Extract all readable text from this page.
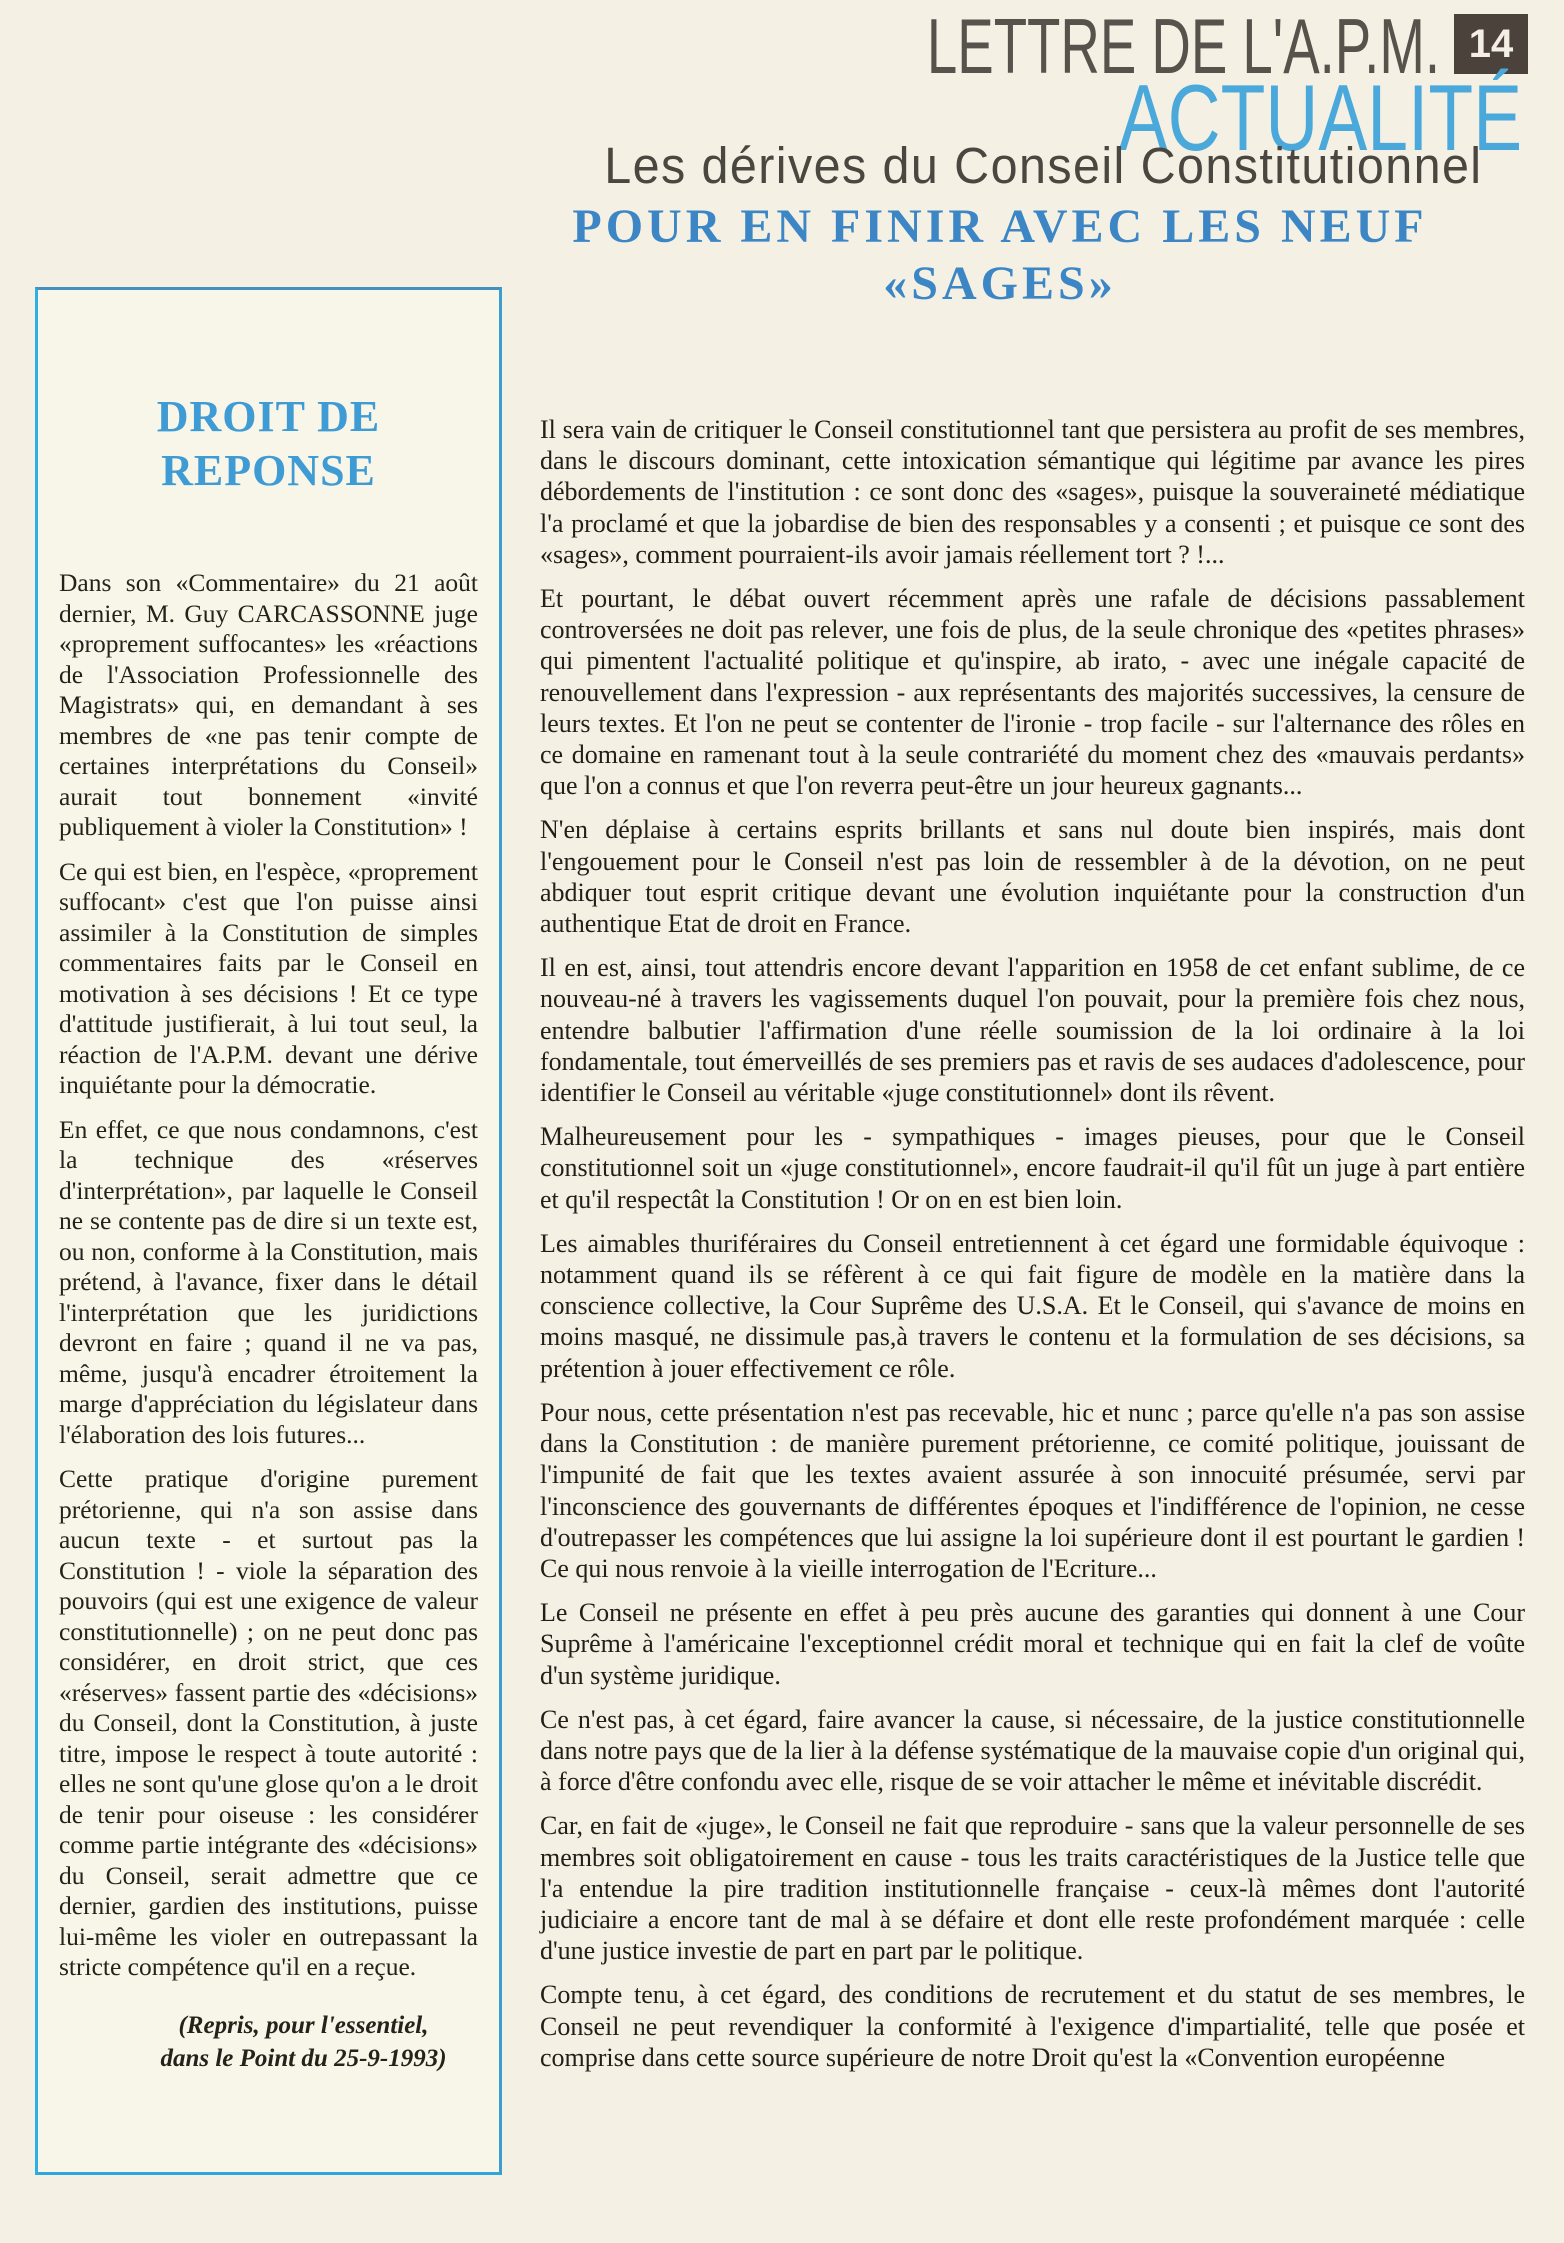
LETTRE DE L'A.P.M. 14
ACTUALITÉ
Les dérives du Conseil Constitutionnel
POUR EN FINIR AVEC LES NEUF
«SAGES»
DROIT DE
REPONSE

Dans son «Commentaire» du 21 août dernier, M. Guy CARCASSONNE juge «proprement suffocantes» les «réactions de l'Association Professionnelle des Magistrats» qui, en demandant à ses membres de «ne pas tenir compte de certaines interprétations du Conseil» aurait tout bonnement «invité publiquement à violer la Constitution» !

Ce qui est bien, en l'espèce, «proprement suffocant» c'est que l'on puisse ainsi assimiler à la Constitution de simples commentaires faits par le Conseil en motivation à ses décisions ! Et ce type d'attitude justifierait, à lui tout seul, la réaction de l'A.P.M. devant une dérive inquiétante pour la démocratie.

En effet, ce que nous condamnons, c'est la technique des «réserves d'interprétation», par laquelle le Conseil ne se contente pas de dire si un texte est, ou non, conforme à la Constitution, mais prétend, à l'avance, fixer dans le détail l'interprétation que les juridictions devront en faire ; quand il ne va pas, même, jusqu'à encadrer étroitement la marge d'appréciation du législateur dans l'élaboration des lois futures...

Cette pratique d'origine purement prétorienne, qui n'a son assise dans aucun texte - et surtout pas la Constitution ! - viole la séparation des pouvoirs (qui est une exigence de valeur constitutionnelle) ; on ne peut donc pas considérer, en droit strict, que ces «réserves» fassent partie des «décisions» du Conseil, dont la Constitution, à juste titre, impose le respect à toute autorité : elles ne sont qu'une glose qu'on a le droit de tenir pour oiseuse : les considérer comme partie intégrante des «décisions» du Conseil, serait admettre que ce dernier, gardien des institutions, puisse lui-même les violer en outrepassant la stricte compétence qu'il en a reçue.

(Repris, pour l'essentiel,
dans le Point du 25-9-1993)

Il sera vain de critiquer le Conseil constitutionnel tant que persistera au profit de ses membres, dans le discours dominant, cette intoxication sémantique qui légitime par avance les pires débordements de l'institution : ce sont donc des «sages», puisque la souveraineté médiatique l'a proclamé et que la jobardise de bien des responsables y a consenti ; et puisque ce sont des «sages», comment pourraient-ils avoir jamais réellement tort ? !...

Et pourtant, le débat ouvert récemment après une rafale de décisions passablement controversées ne doit pas relever, une fois de plus, de la seule chronique des «petites phrases» qui pimentent l'actualité politique et qu'inspire, ab irato, - avec une inégale capacité de renouvellement dans l'expression - aux représentants des majorités successives, la censure de leurs textes. Et l'on ne peut se contenter de l'ironie - trop facile - sur l'alternance des rôles en ce domaine en ramenant tout à la seule contrariété du moment chez des «mauvais perdants» que l'on a connus et que l'on reverra peut-être un jour heureux gagnants...

N'en déplaise à certains esprits brillants et sans nul doute bien inspirés, mais dont l'engouement pour le Conseil n'est pas loin de ressembler à de la dévotion, on ne peut abdiquer tout esprit critique devant une évolution inquiétante pour la construction d'un authentique Etat de droit en France.

Il en est, ainsi, tout attendris encore devant l'apparition en 1958 de cet enfant sublime, de ce nouveau-né à travers les vagissements duquel l'on pouvait, pour la première fois chez nous, entendre balbutier l'affirmation d'une réelle soumission de la loi ordinaire à la loi fondamentale, tout émerveillés de ses premiers pas et ravis de ses audaces d'adolescence, pour identifier le Conseil au véritable «juge constitutionnel» dont ils rêvent.

Malheureusement pour les - sympathiques - images pieuses, pour que le Conseil constitutionnel soit un «juge constitutionnel», encore faudrait-il qu'il fût un juge à part entière et qu'il respectât la Constitution ! Or on en est bien loin.

Les aimables thuriféraires du Conseil entretiennent à cet égard une formidable équivoque : notamment quand ils se réfèrent à ce qui fait figure de modèle en la matière dans la conscience collective, la Cour Suprême des U.S.A. Et le Conseil, qui s'avance de moins en moins masqué, ne dissimule pas,à travers le contenu et la formulation de ses décisions, sa prétention à jouer effectivement ce rôle.

Pour nous, cette présentation n'est pas recevable, hic et nunc ; parce qu'elle n'a pas son assise dans la Constitution : de manière purement prétorienne, ce comité politique, jouissant de l'impunité de fait que les textes avaient assurée à son innocuité présumée, servi par l'inconscience des gouvernants de différentes époques et l'indifférence de l'opinion, ne cesse d'outrepasser les compétences que lui assigne la loi supérieure dont il est pourtant le gardien ! Ce qui nous renvoie à la vieille interrogation de l'Ecriture...

Le Conseil ne présente en effet à peu près aucune des garanties qui donnent à une Cour Suprême à l'américaine l'exceptionnel crédit moral et technique qui en fait la clef de voûte d'un système juridique.

Ce n'est pas, à cet égard, faire avancer la cause, si nécessaire, de la justice constitutionnelle dans notre pays que de la lier à la défense systématique de la mauvaise copie d'un original qui, à force d'être confondu avec elle, risque de se voir attacher le même et inévitable discrédit.

Car, en fait de «juge», le Conseil ne fait que reproduire - sans que la valeur personnelle de ses membres soit obligatoirement en cause - tous les traits caractéristiques de la Justice telle que l'a entendue la pire tradition institutionnelle française - ceux-là mêmes dont l'autorité judiciaire a encore tant de mal à se défaire et dont elle reste profondément marquée : celle d'une justice investie de part en part par le politique.

Compte tenu, à cet égard, des conditions de recrutement et du statut de ses membres, le Conseil ne peut revendiquer la conformité à l'exigence d'impartialité, telle que posée et comprise dans cette source supérieure de notre Droit qu'est la «Convention européenne
